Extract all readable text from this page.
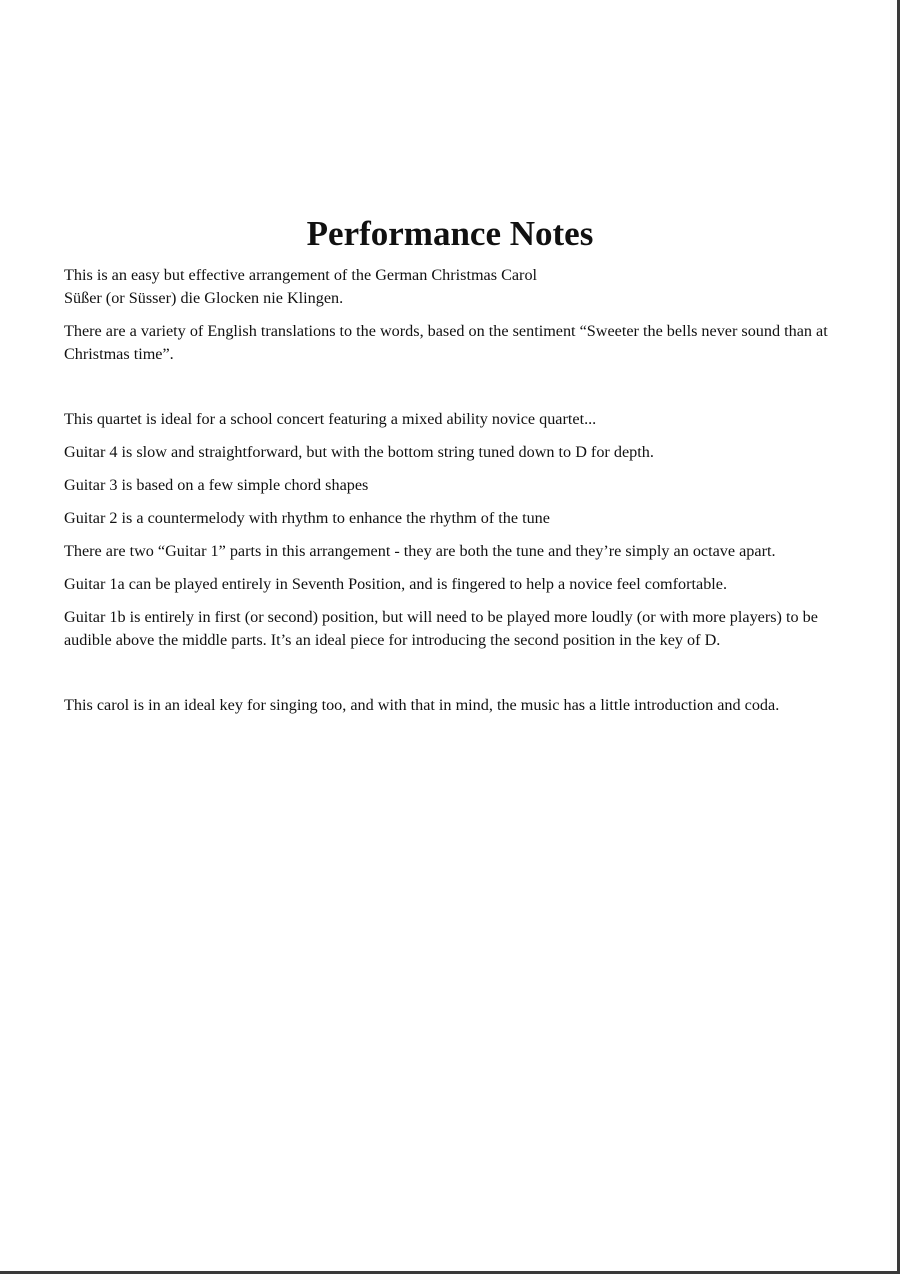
Performance Notes

This is an easy but effective arrangement of the German Christmas Carol
Süßer (or Süsser) die Glocken nie Klingen.

There are a variety of English translations to the words, based on the sentiment “Sweeter the bells never sound than at Christmas time”.

This quartet is ideal for a school concert featuring a mixed ability novice quartet...

Guitar 4 is slow and straightforward, but with the bottom string tuned down to D for depth.

Guitar 3 is based on a few simple chord shapes

Guitar 2 is a countermelody with rhythm to enhance the rhythm of the tune

There are two “Guitar 1” parts in this arrangement - they are both the tune and they’re simply an octave apart.

Guitar 1a can be played entirely in Seventh Position, and is fingered to help a novice feel comfortable.

Guitar 1b is entirely in first (or second) position, but will need to be played more loudly (or with more players) to be audible above the middle parts. It’s an ideal piece for introducing the second position in the key of D.

This carol is in an ideal key for singing too, and with that in mind, the music has a little introduction and coda.
